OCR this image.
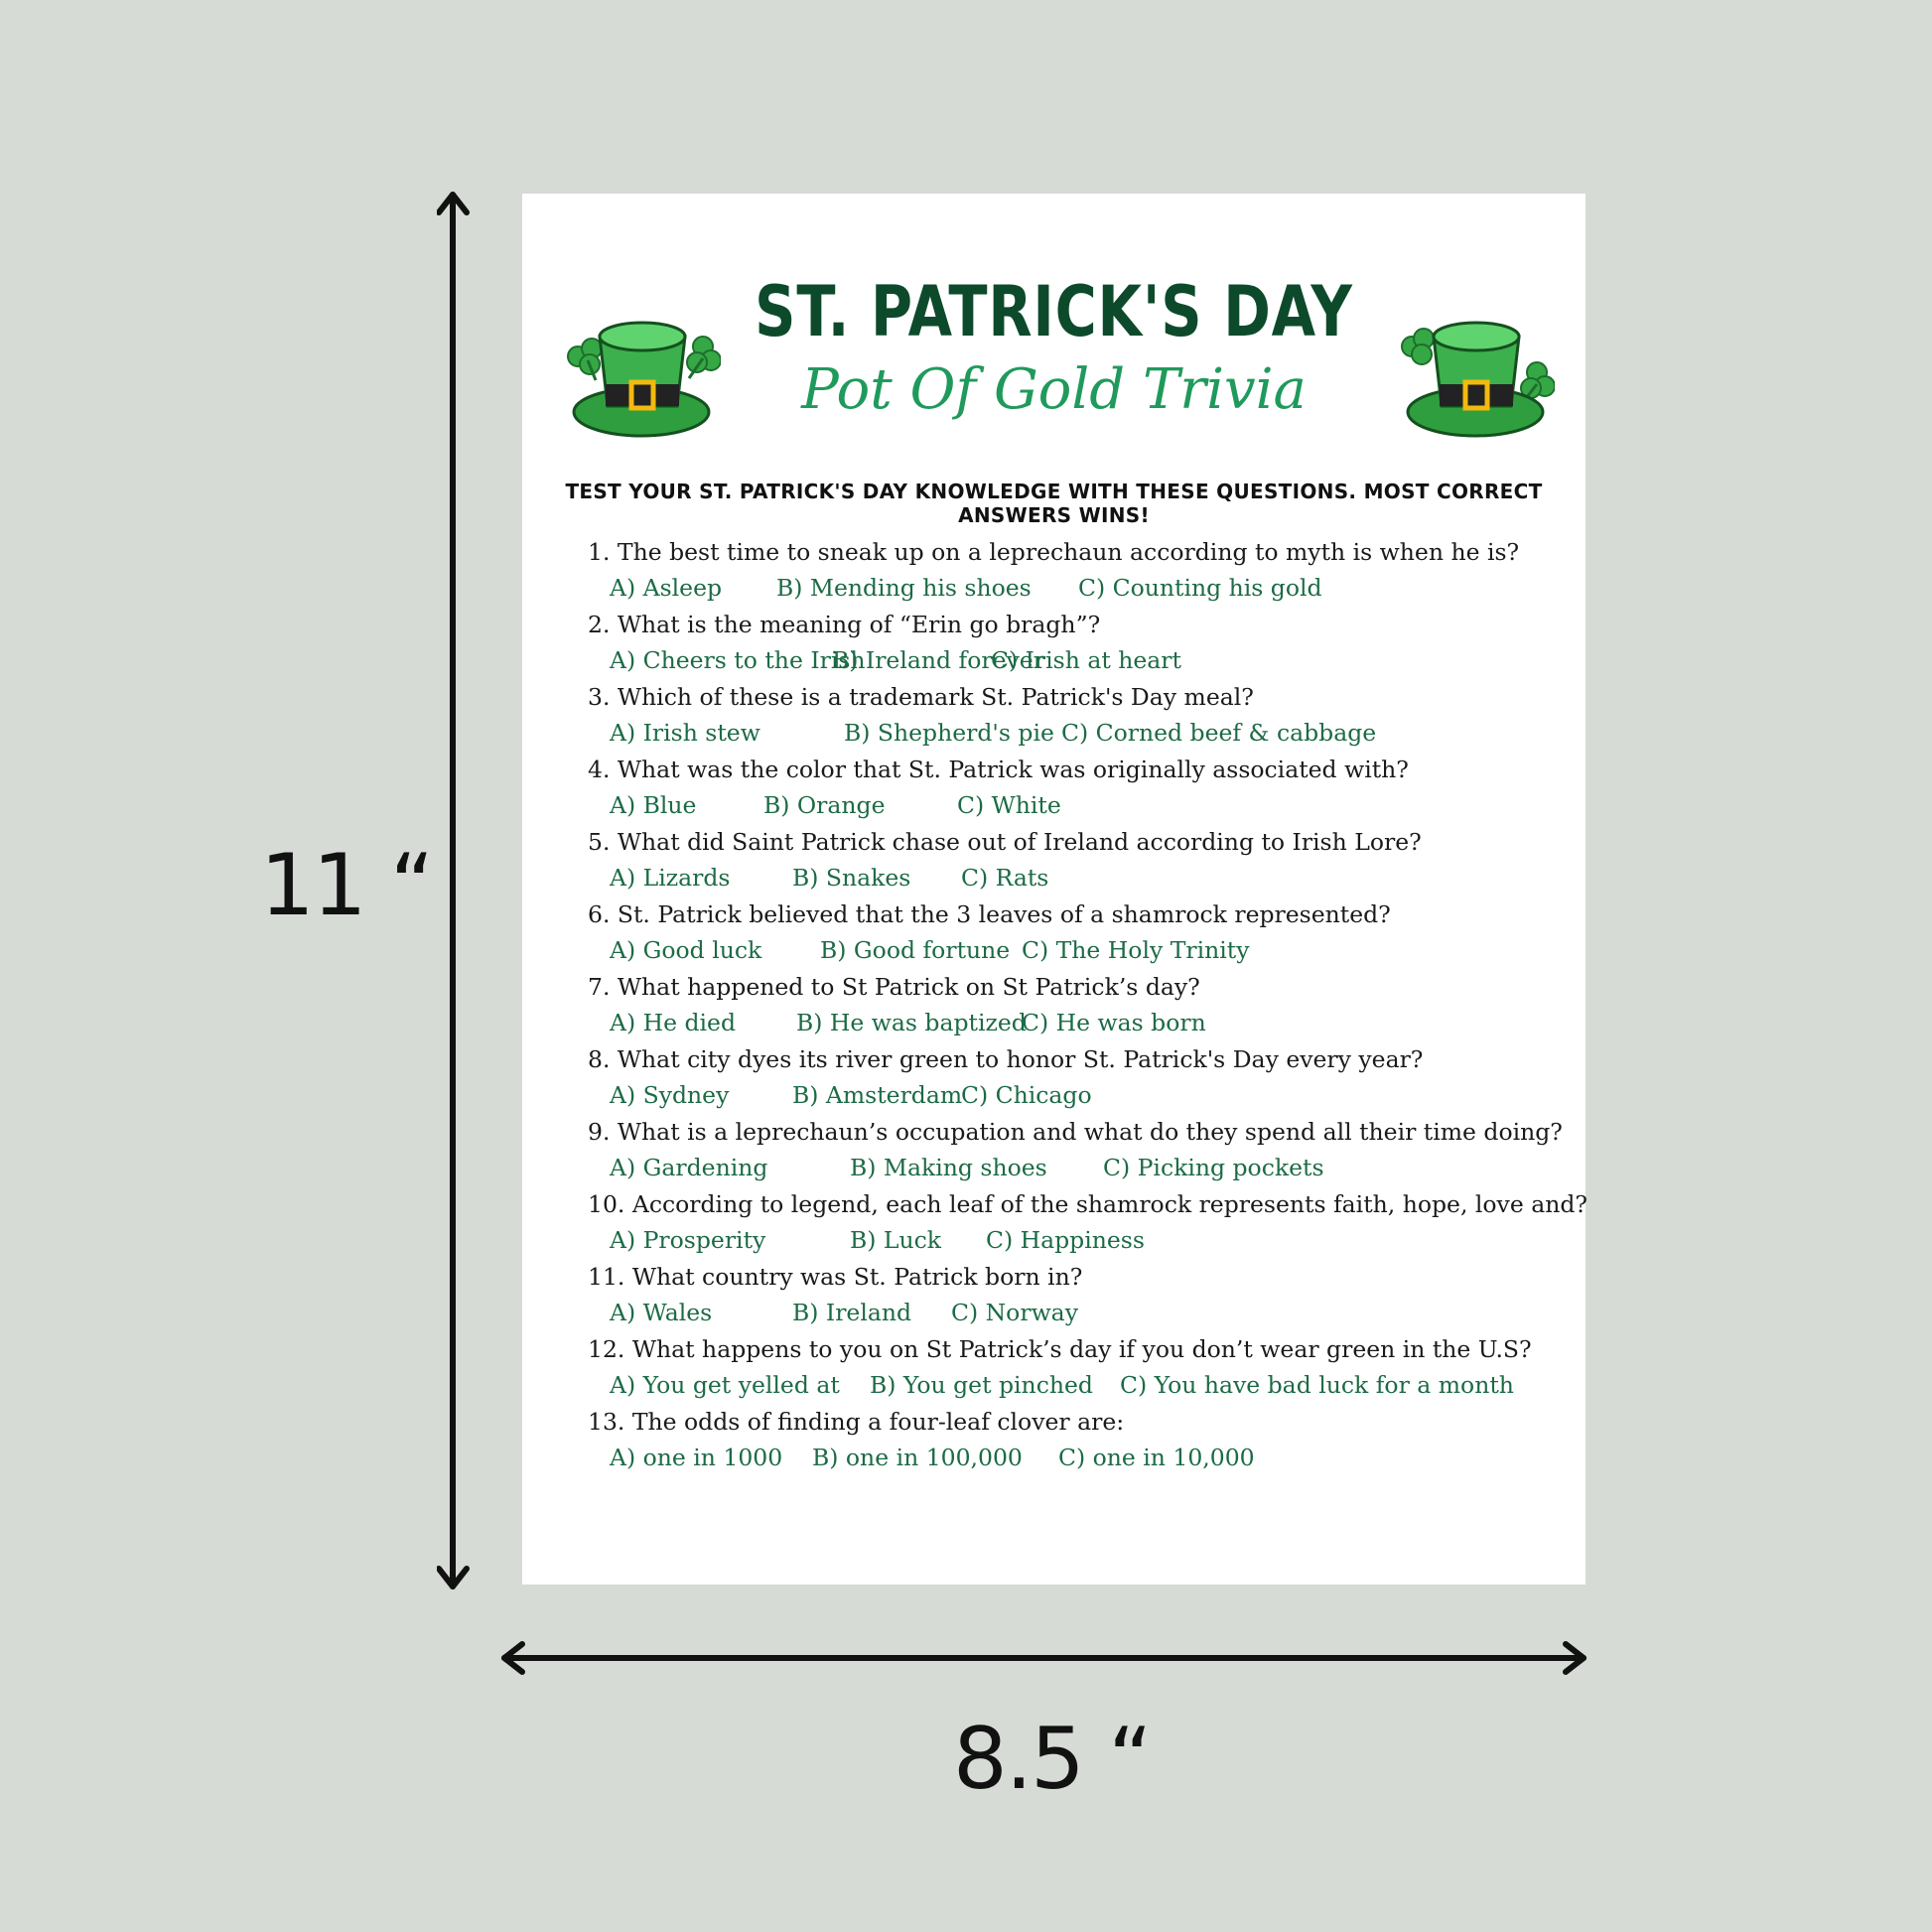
11 “
8.5 “
ST. PATRICK'S DAY
Pot Of Gold Trivia
TEST YOUR ST. PATRICK'S DAY KNOWLEDGE WITH THESE QUESTIONS. MOST CORRECT ANSWERS WINS!
1. The best time to sneak up on a leprechaun according to myth is when he is?
A) Asleep B) Mending his shoes C) Counting his gold
2. What is the meaning of “Erin go bragh”?
A) Cheers to the Irish
B) Ireland forever
C) Irish at heart
3. Which of these is a trademark St. Patrick's Day meal?
A) Irish stew	B) Shepherd's pie C) Corned beef & cabbage
4. What was the color that St. Patrick was originally associated with?
A) Blue	B) Orange	C) White
5. What did Saint Patrick chase out of Ireland according to Irish Lore?
A) Lizards	B) Snakes C) Rats
6. St. Patrick believed that the 3 leaves of a shamrock represented?
A) Good luck	B) Good fortune C) The Holy Trinity
7. What happened to St Patrick on St Patrick’s day?
A) He died	B) He was baptized
C) He was born
8. What city dyes its river green to honor St. Patrick's Day every year?
A) Sydney	B) Amsterdam
C) Chicago
9. What is a leprechaun’s occupation and what do they spend all their time doing?
A) Gardening	B) Making shoes C) Picking pockets
10. According to legend, each leaf of the shamrock represents faith, hope, love and?
A) Prosperity	B) Luck C) Happiness
11. What country was St. Patrick born in?
A) Wales	B) Ireland C) Norway
12. What happens to you on St Patrick’s day if you don’t wear green in the U.S?
A) You get yelled at B) You get pinched C) You have bad luck for a month
13. The odds of finding a four-leaf clover are:
A) one in 1000 B) one in 100,000 C) one in 10,000
